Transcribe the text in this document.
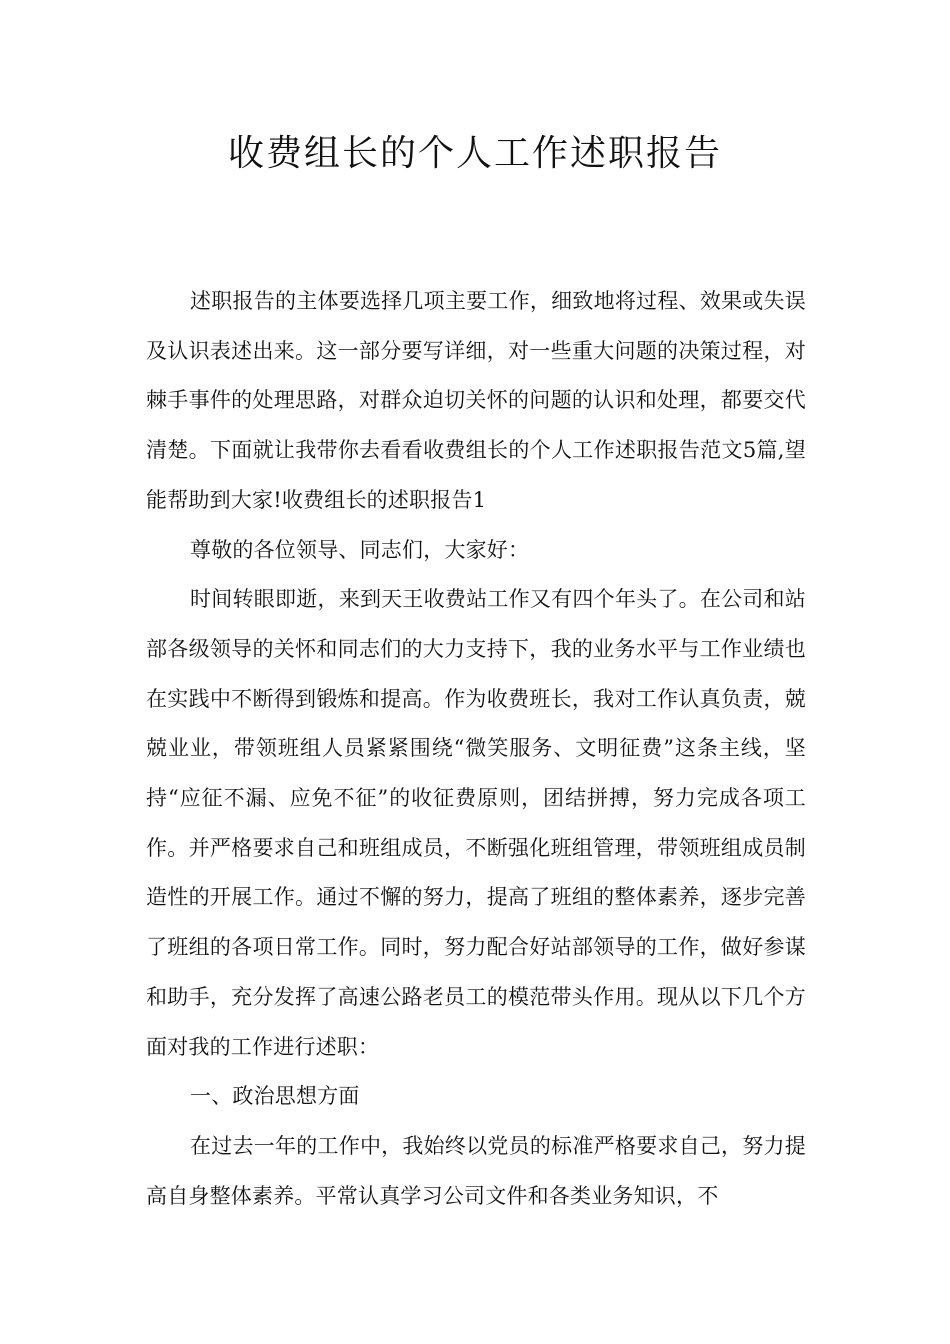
收费组长的个人工作述职报告

述职报告的主体要选择几项主要工作，细致地将过程、效果或失误及认识表述出来。这一部分要写详细，对一些重大问题的决策过程，对棘手事件的处理思路，对群众迫切关怀的问题的认识和处理，都要交代清楚。下面就让我带你去看看收费组长的个人工作述职报告范文5篇,望能帮助到大家!收费组长的述职报告1

尊敬的各位领导、同志们，大家好：

时间转眼即逝，来到天王收费站工作又有四个年头了。在公司和站部各级领导的关怀和同志们的大力支持下，我的业务水平与工作业绩也在实践中不断得到锻炼和提高。作为收费班长，我对工作认真负责，兢兢业业，带领班组人员紧紧围绕“微笑服务、文明征费”这条主线，坚持“应征不漏、应免不征”的收征费原则，团结拼搏，努力完成各项工作。并严格要求自己和班组成员，不断强化班组管理，带领班组成员制造性的开展工作。通过不懈的努力，提高了班组的整体素养，逐步完善了班组的各项日常工作。同时，努力配合好站部领导的工作，做好参谋和助手，充分发挥了高速公路老员工的模范带头作用。现从以下几个方面对我的工作进行述职：

一、政治思想方面

在过去一年的工作中，我始终以党员的标准严格要求自己，努力提高自身整体素养。平常认真学习公司文件和各类业务知识，不
